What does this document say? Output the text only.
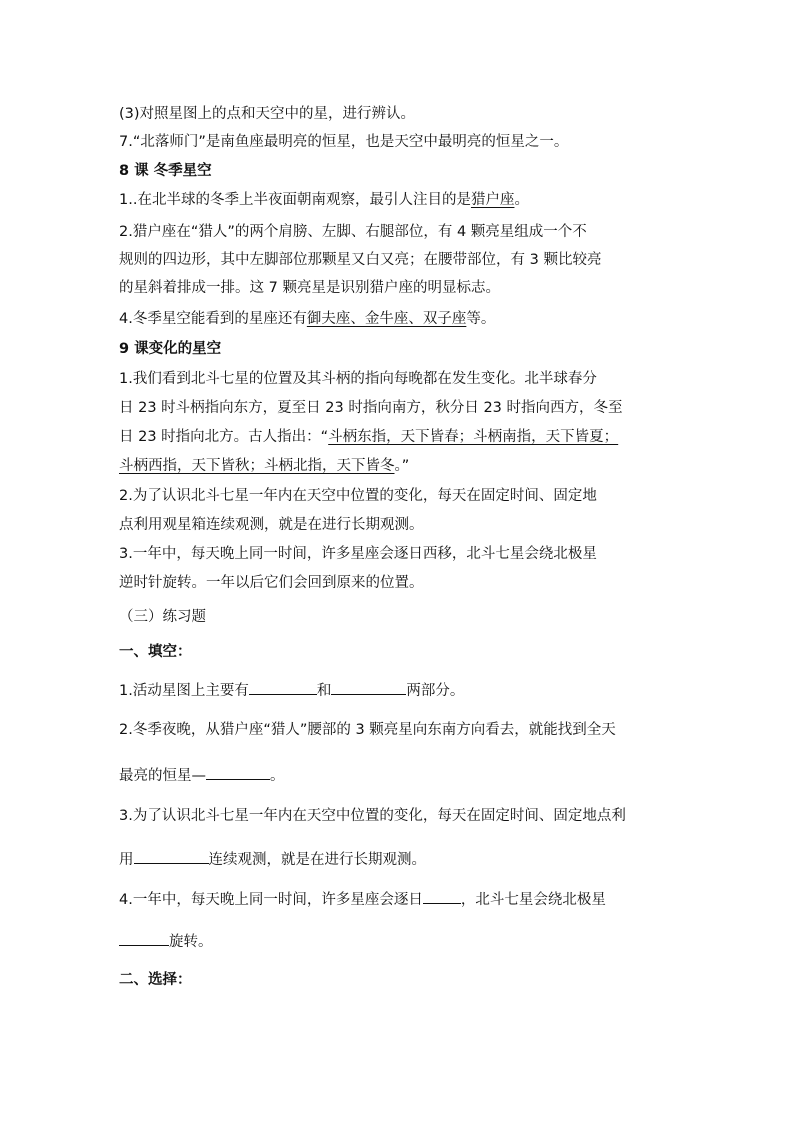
(3)对照星图上的点和天空中的星，进行辨认。
7.“北落师门”是南鱼座最明亮的恒星，也是天空中最明亮的恒星之一。
8 课 冬季星空
1..在北半球的冬季上半夜面朝南观察，最引人注目的是猎户座。
2.猎户座在“猎人”的两个肩膀、左脚、右腿部位，有 4 颗亮星组成一个不
规则的四边形，其中左脚部位那颗星又白又亮；在腰带部位，有 3 颗比较亮
的星斜着排成一排。这 7 颗亮星是识别猎户座的明显标志。
4.冬季星空能看到的星座还有御夫座、金牛座、双子座等。
9 课变化的星空
1.我们看到北斗七星的位置及其斗柄的指向每晚都在发生变化。北半球春分
日 23 时斗柄指向东方，夏至日 23 时指向南方，秋分日 23 时指向西方，冬至
日 23 时指向北方。古人指出：“斗柄东指，天下皆春；斗柄南指，天下皆夏；
斗柄西指，天下皆秋；斗柄北指，天下皆冬。”
2.为了认识北斗七星一年内在天空中位置的变化，每天在固定时间、固定地
点利用观星箱连续观测，就是在进行长期观测。
3.一年中，每天晚上同一时间，许多星座会逐日西移，北斗七星会绕北极星
逆时针旋转。一年以后它们会回到原来的位置。
（三）练习题
一、填空：
1.活动星图上主要有	和	两部分。
2.冬季夜晚，从猎户座“猎人”腰部的 3 颗亮星向东南方向看去，就能找到全天
最亮的恒星—	。
3.为了认识北斗七星一年内在天空中位置的变化，每天在固定时间、固定地点利
用	连续观测，就是在进行长期观测。
4.一年中，每天晚上同一时间，许多星座会逐日	，北斗七星会绕北极星
旋转。
二、选择：
